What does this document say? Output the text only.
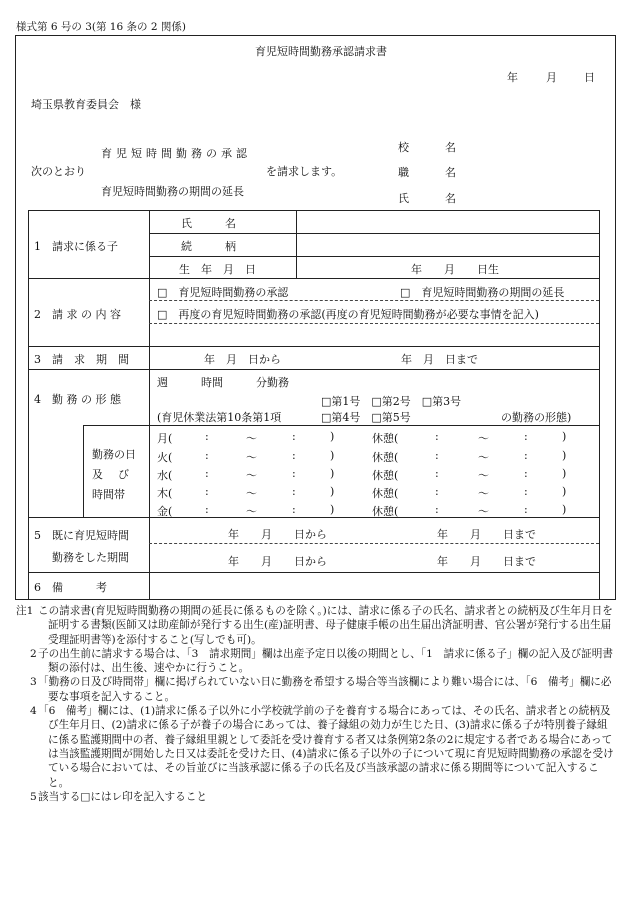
様式第 6 号の 3(第 16 条の 2 関係)
育児短時間勤務承認請求書
年	月 日
埼玉県教育委員会　様
次のとおり
育児短時間勤務の承認
育児短時間勤務の期間の延長
を請求します。
校	名
職	名
氏	名
1　請求に係る子
氏　　　名
続　　　柄
生　年　月　日	年　　月　　日生
2　請 求 の 内 容
□　育児短時間勤務の承認	□　育児短時間勤務の期間の延長
□　再度の育児短時間勤務の承認(再度の育児短時間勤務が必要な事情を記入)
3　請　求　期　間	年　月　日から	年　月　日まで
4　勤 務 の 形 態
週　　　時間　　　分勤務
□第1号　□第2号　□第3号
(育児休業法第10条第1項	□第4号　□第5号	の勤務の形態)
勤務の日
及　び
時間帯
月(	:	～	:	)	休憩(	:	～	:	)
火(	:	～	:	)	休憩(	:	～	:	)
水(	:	～	:	)	休憩(	:	～	:	)
木(	:	～	:	)	休憩(	:	～	:	)
金(	:	～	:	)	休憩(	:	～	:	)
5　既に育児短時間
勤務をした期間
年　　月　　日から	年　　月　　日まで
年　　月　　日から	年　　月　　日まで
6　備　　　考
注1 この請求書(育児短時間勤務の期間の延長に係るものを除く。)には、請求に係る子の氏名、請求者との続柄及び生年月日を証明する書類(医師又は助産師が発行する出生(産)証明書、母子健康手帳の出生届出済証明書、官公署が発行する出生届受理証明書等)を添付すること(写しでも可)。
2 子の出生前に請求する場合は、「3　請求期間」欄は出産予定日以後の期間とし、「1　請求に係る子」欄の記入及び証明書類の添付は、出生後、速やかに行うこと。
3 「勤務の日及び時間帯」欄に掲げられていない日に勤務を希望する場合等当該欄により難い場合には、「6　備考」欄に必要な事項を記入すること。
4 「6　備考」欄には、(1)請求に係る子以外に小学校就学前の子を養育する場合にあっては、その氏名、請求者との続柄及び生年月日、(2)請求に係る子が養子の場合にあっては、養子縁組の効力が生じた日、(3)請求に係る子が特別養子縁組に係る監護期間中の者、養子縁組里親として委託を受け養育する者又は条例第2条の2に規定する者である場合にあっては当該監護期間が開始した日又は委託を受けた日、(4)請求に係る子以外の子について現に育児短時間勤務の承認を受けている場合においては、その旨並びに当該承認に係る子の氏名及び当該承認の請求に係る期間等について記入すること。
5 該当する□にはレ印を記入すること
